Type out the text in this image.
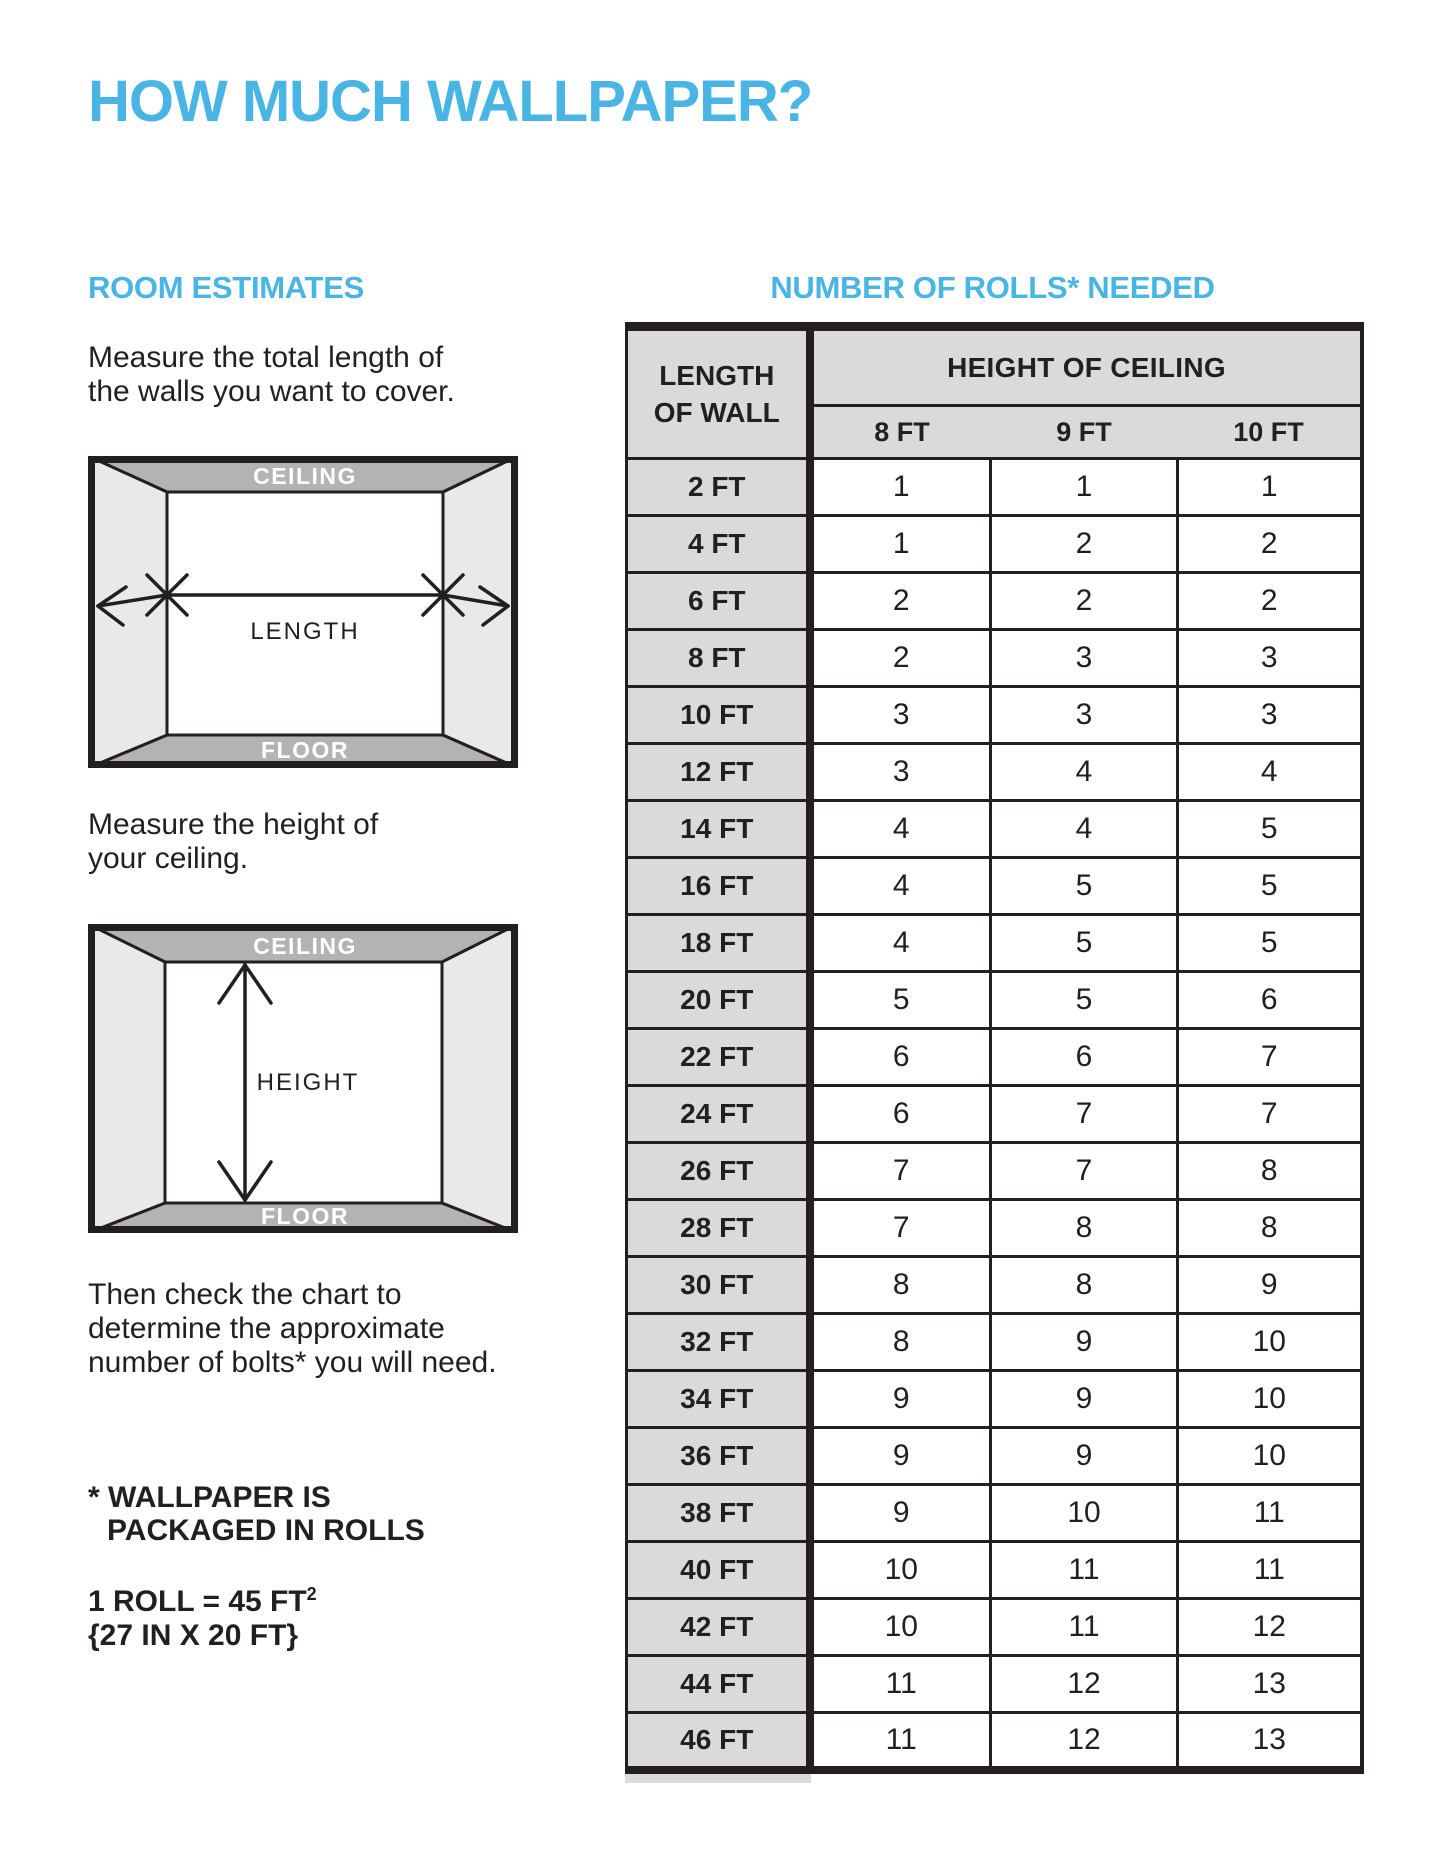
HOW MUCH WALLPAPER?
ROOM ESTIMATES	NUMBER OF ROLLS* NEEDED
Measure the total length of
the walls you want to cover.
CEILING
FLOOR
LENGTH
Measure the height of
your ceiling.
CEILING
FLOOR
HEIGHT
Then check the chart to
determine the approximate
number of bolts* you will need.
* WALLPAPER IS
PACKAGED IN ROLLS
1 ROLL = 45 $FT^2$
{27 IN X 20 FT}
LENGTH
OF WALL	HEIGHT OF CEILING		
	8 FT	9 FT	10 FT
2 FT	1	1	1
4 FT	1	2	2
6 FT	2	2	2
8 FT	2	3	3
10 FT	3	3	3
12 FT	3	4	4
14 FT	4	4	5
16 FT	4	5	5
18 FT	4	5	5
20 FT	5	5	6
22 FT	6	6	7
24 FT	6	7	7
26 FT	7	7	8
28 FT	7	8	8
30 FT	8	8	9
32 FT	8	9	10
34 FT	9	9	10
36 FT	9	9	10
38 FT	9	10	11
40 FT	10	11	11
42 FT	10	11	12
44 FT	11	12	13
46 FT	11	12	13
